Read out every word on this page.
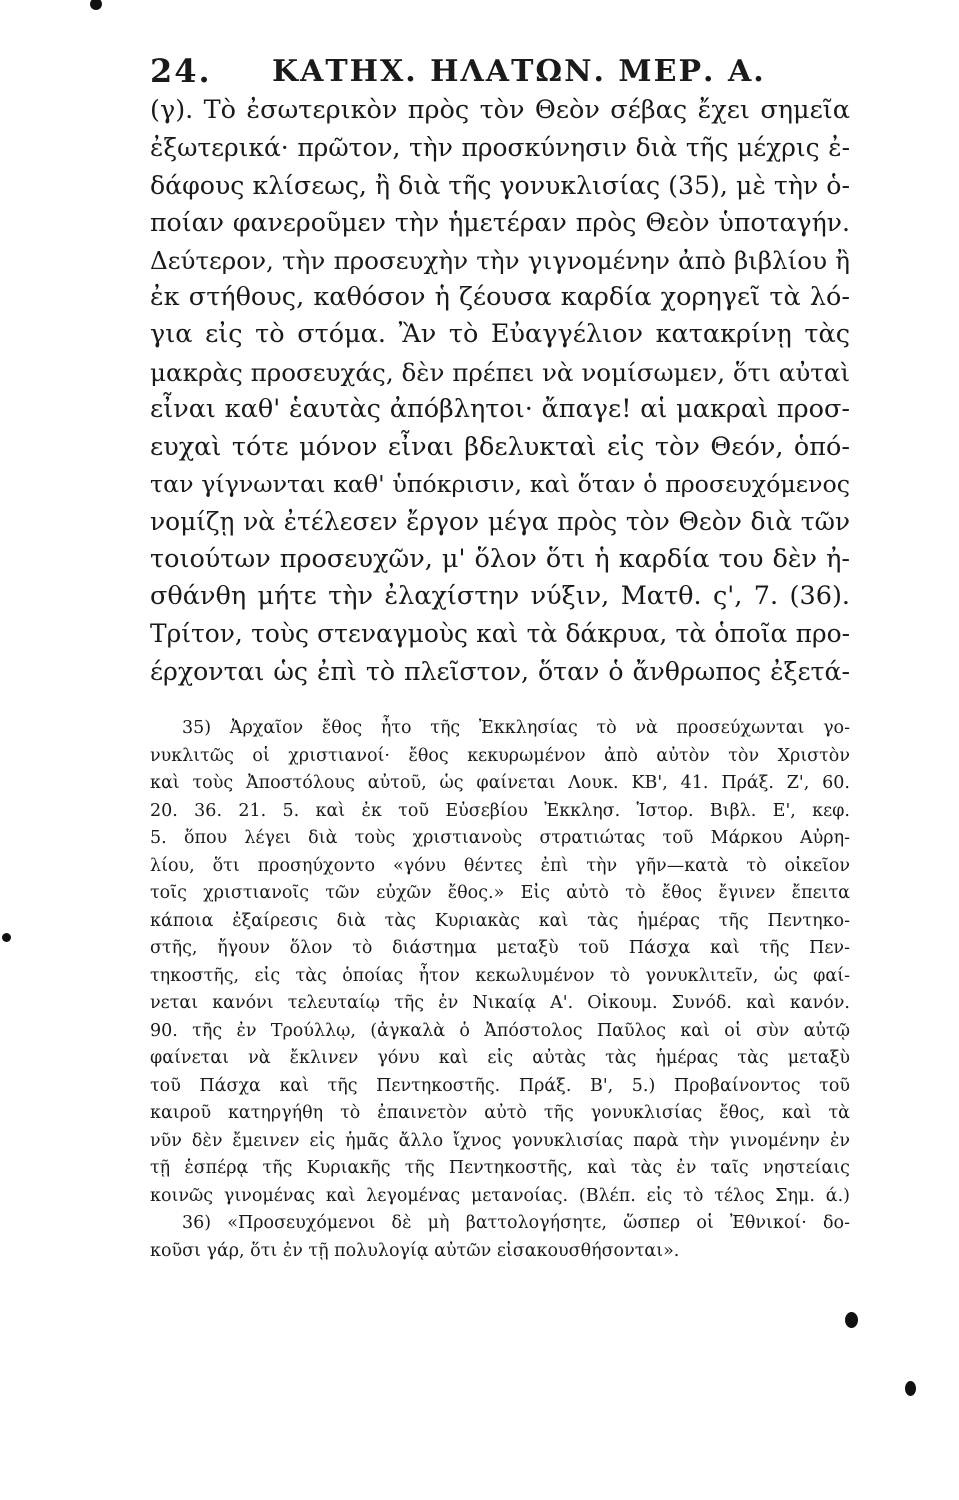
24. ΚΑΤΗΧ. ΗΛΑΤΩΝ. ΜΕΡ. Α.
(γ). Τὸ ἐσωτερικὸν πρὸς τὸν Θεὸν σέβας ἔχει σημεῖα
ἐξωτερικά· πρῶτον, τὴν προσκύνησιν διὰ τῆς μέχρις ἐ-
δάφους κλίσεως, ἢ διὰ τῆς γονυκλισίας (35), μὲ τὴν ὁ-
ποίαν φανεροῦμεν τὴν ἡμετέραν πρὸς Θεὸν ὑποταγήν.
Δεύτερον, τὴν προσευχὴν τὴν γιγνομένην ἀπὸ βιβλίου ἢ
ἐκ στήθους, καθόσον ἡ ζέουσα καρδία χορηγεῖ τὰ λό-
για εἰς τὸ στόμα. Ἂν τὸ Εὐαγγέλιον κατακρίνῃ τὰς
μακρὰς προσευχάς, δὲν πρέπει νὰ νομίσωμεν, ὅτι αὐταὶ
εἶναι καθ' ἑαυτὰς ἀπόβλητοι· ἄπαγε! αἱ μακραὶ προσ-
ευχαὶ τότε μόνον εἶναι βδελυκταὶ εἰς τὸν Θεόν, ὁπό-
ταν γίγνωνται καθ' ὑπόκρισιν, καὶ ὅταν ὁ προσευχόμενος
νομίζῃ νὰ ἐτέλεσεν ἔργον μέγα πρὸς τὸν Θεὸν διὰ τῶν
τοιούτων προσευχῶν, μ' ὅλον ὅτι ἡ καρδία του δὲν ἠ-
σθάνθη μήτε τὴν ἐλαχίστην νύξιν, Ματθ. ς', 7. (36).
Τρίτον, τοὺς στεναγμοὺς καὶ τὰ δάκρυα, τὰ ὁποῖα προ-
έρχονται ὡς ἐπὶ τὸ πλεῖστον, ὅταν ὁ ἄνθρωπος ἐξετά-
35) Ἀρχαῖον ἔθος ἦτο τῆς Ἐκκλησίας τὸ νὰ προσεύχωνται γο-
νυκλιτῶς οἱ χριστιανοί· ἔθος κεκυρωμένον ἀπὸ αὐτὸν τὸν Χριστὸν
καὶ τοὺς Ἀποστόλους αὐτοῦ, ὡς φαίνεται Λουκ. ΚΒ', 41. Πράξ. Ζ', 60.
20. 36. 21. 5. καὶ ἐκ τοῦ Εὐσεβίου Ἐκκλησ. Ἱστορ. Βιβλ. Ε', κεφ.
5. ὅπου λέγει διὰ τοὺς χριστιανοὺς στρατιώτας τοῦ Μάρκου Αὐρη-
λίου, ὅτι προσηύχοντο «γόνυ θέντες ἐπὶ τὴν γῆν—κατὰ τὸ οἰκεῖον
τοῖς χριστιανοῖς τῶν εὐχῶν ἔθος.» Εἰς αὐτὸ τὸ ἔθος ἔγινεν ἔπειτα
κάποια ἐξαίρεσις διὰ τὰς Κυριακὰς καὶ τὰς ἡμέρας τῆς Πεντηκο-
στῆς, ἤγουν ὅλον τὸ διάστημα μεταξὺ τοῦ Πάσχα καὶ τῆς Πεν-
τηκοστῆς, εἰς τὰς ὁποίας ἦτον κεκωλυμένον τὸ γονυκλιτεῖν, ὡς φαί-
νεται κανόνι τελευταίῳ τῆς ἐν Νικαίᾳ Α'. Οἰκουμ. Συνόδ. καὶ κανόν.
90. τῆς ἐν Τρούλλῳ, (ἀγκαλὰ ὁ Ἀπόστολος Παῦλος καὶ οἱ σὺν αὐτῷ
φαίνεται νὰ ἔκλινεν γόνυ καὶ εἰς αὐτὰς τὰς ἡμέρας τὰς μεταξὺ
τοῦ Πάσχα καὶ τῆς Πεντηκοστῆς. Πράξ. Β', 5.) Προβαίνοντος τοῦ
καιροῦ κατηργήθη τὸ ἐπαινετὸν αὐτὸ τῆς γονυκλισίας ἔθος, καὶ τὰ
νῦν δὲν ἔμεινεν εἰς ἡμᾶς ἄλλο ἴχνος γονυκλισίας παρὰ τὴν γινομένην ἐν
τῇ ἑσπέρᾳ τῆς Κυριακῆς τῆς Πεντηκοστῆς, καὶ τὰς ἐν ταῖς νηστείαις
κοινῶς γινομένας καὶ λεγομένας μετανοίας. (Βλέπ. εἰς τὸ τέλος Σημ. ά.)
36) «Προσευχόμενοι δὲ μὴ βαττολογήσητε, ὥσπερ οἱ Ἐθνικοί· δο-
κοῦσι γάρ, ὅτι ἐν τῇ πολυλογίᾳ αὐτῶν εἰσακουσθήσονται».
